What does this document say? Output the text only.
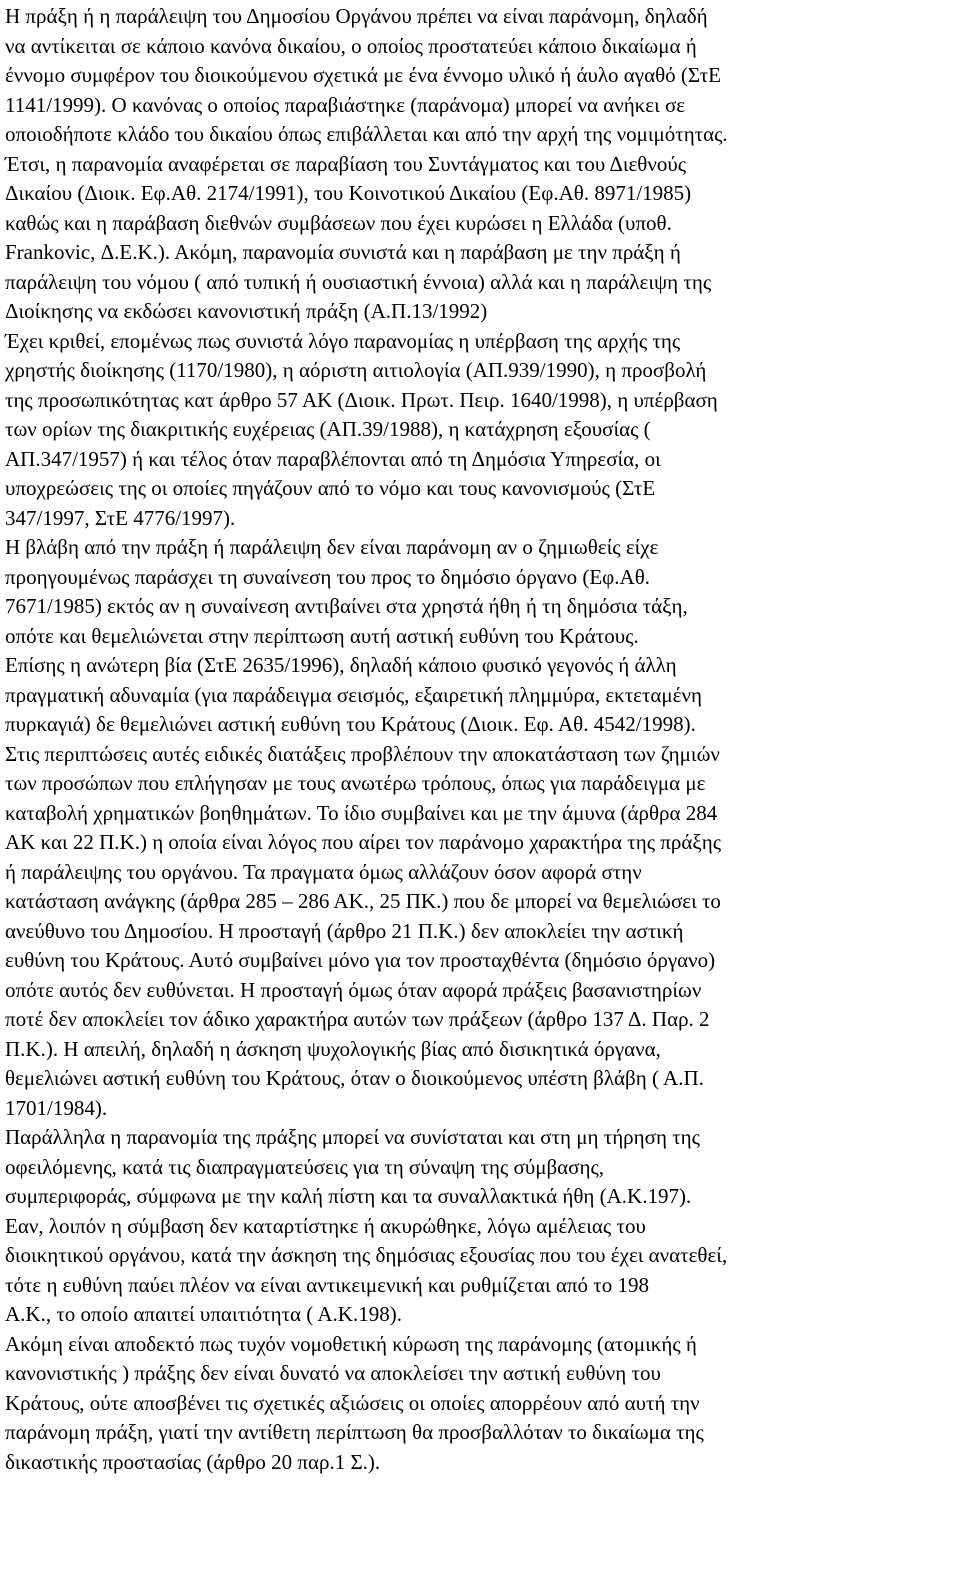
Η πράξη ή η παράλειψη του Δημοσίου Οργάνου πρέπει να είναι παράνομη, δηλαδή
να αντίκειται σε κάποιο κανόνα δικαίου, ο οποίος προστατεύει κάποιο δικαίωμα ή
έννομο συμφέρον του διοικούμενου σχετικά με ένα έννομο υλικό ή άυλο αγαθό (ΣτΕ
1141/1999). Ο κανόνας ο οποίος παραβιάστηκε (παράνομα) μπορεί να ανήκει σε
οποιοδήποτε κλάδο του δικαίου όπως επιβάλλεται και από την αρχή της νομιμότητας.
Έτσι, η παρανομία αναφέρεται σε παραβίαση του Συντάγματος και του Διεθνούς
Δικαίου (Διοικ. Εφ.Αθ. 2174/1991), του Κοινοτικού Δικαίου (Εφ.Αθ. 8971/1985)
καθώς και η παράβαση διεθνών συμβάσεων που έχει κυρώσει η Ελλάδα (υποθ.
Frankovic, Δ.Ε.Κ.). Ακόμη, παρανομία συνιστά και η παράβαση με την πράξη ή
παράλειψη του νόμου ( από τυπική ή ουσιαστική έννοια) αλλά και η παράλειψη της
Διοίκησης να εκδώσει κανονιστική πράξη (Α.Π.13/1992)
Έχει κριθεί, επομένως πως συνιστά λόγο παρανομίας η υπέρβαση της αρχής της
χρηστής διοίκησης (1170/1980), η αόριστη αιτιολογία (ΑΠ.939/1990), η προσβολή
της προσωπικότητας κατ άρθρο 57 ΑΚ (Διοικ. Πρωτ. Πειρ. 1640/1998), η υπέρβαση
των ορίων της διακριτικής ευχέρειας (ΑΠ.39/1988), η κατάχρηση εξουσίας (
ΑΠ.347/1957) ή και τέλος όταν παραβλέπονται από τη Δημόσια Υπηρεσία, οι
υποχρεώσεις της οι οποίες πηγάζουν από το νόμο και τους κανονισμούς (ΣτΕ
347/1997, ΣτΕ 4776/1997).
Η βλάβη από την πράξη ή παράλειψη δεν είναι παράνομη αν ο ζημιωθείς είχε
προηγουμένως παράσχει τη συναίνεση του προς το δημόσιο όργανο (Εφ.Αθ.
7671/1985) εκτός αν η συναίνεση αντιβαίνει στα χρηστά ήθη ή τη δημόσια τάξη,
οπότε και θεμελιώνεται στην περίπτωση αυτή αστική ευθύνη του Κράτους.
Επίσης η ανώτερη βία (ΣτΕ 2635/1996), δηλαδή κάποιο φυσικό γεγονός ή άλλη
πραγματική αδυναμία (για παράδειγμα σεισμός, εξαιρετική πλημμύρα, εκτεταμένη
πυρκαγιά) δε θεμελιώνει αστική ευθύνη του Κράτους (Διοικ. Εφ. Αθ. 4542/1998).
Στις περιπτώσεις αυτές ειδικές διατάξεις προβλέπουν την αποκατάσταση των ζημιών
των προσώπων που επλήγησαν με τους ανωτέρω τρόπους, όπως για παράδειγμα με
καταβολή χρηματικών βοηθημάτων. Το ίδιο συμβαίνει και με την άμυνα (άρθρα 284
ΑΚ και 22 Π.Κ.) η οποία είναι λόγος που αίρει τον παράνομο χαρακτήρα της πράξης
ή παράλειψης του οργάνου. Τα πραγματα όμως αλλάζουν όσον αφορά στην
κατάσταση ανάγκης (άρθρα 285 – 286 ΑΚ., 25 ΠΚ.) που δε μπορεί να θεμελιώσει το
ανεύθυνο του Δημοσίου. Η προσταγή (άρθρο 21 Π.Κ.) δεν αποκλείει την αστική
ευθύνη του Κράτους. Αυτό συμβαίνει μόνο για τον προσταχθέντα (δημόσιο όργανο)
οπότε αυτός δεν ευθύνεται. Η προσταγή όμως όταν αφορά πράξεις βασανιστηρίων
ποτέ δεν αποκλείει τον άδικο χαρακτήρα αυτών των πράξεων (άρθρο 137 Δ. Παρ. 2
Π.Κ.). Η απειλή, δηλαδή η άσκηση ψυχολογικής βίας από δισικητικά όργανα,
θεμελιώνει αστική ευθύνη του Κράτους, όταν ο διοικούμενος υπέστη βλάβη ( Α.Π.
1701/1984).
Παράλληλα η παρανομία της πράξης μπορεί να συνίσταται και στη μη τήρηση της
οφειλόμενης, κατά τις διαπραγματεύσεις για τη σύναψη της σύμβασης,
συμπεριφοράς, σύμφωνα με την καλή πίστη και τα συναλλακτικά ήθη (Α.Κ.197).
Εαν, λοιπόν η σύμβαση δεν καταρτίστηκε ή ακυρώθηκε, λόγω αμέλειας του
διοικητικού οργάνου, κατά την άσκηση της δημόσιας εξουσίας που του έχει ανατεθεί,
τότε η ευθύνη παύει πλέον να είναι αντικειμενική και ρυθμίζεται από το 198
Α.Κ., το οποίο απαιτεί υπαιτιότητα ( Α.Κ.198).
Ακόμη είναι αποδεκτό πως τυχόν νομοθετική κύρωση της παράνομης (ατομικής ή
κανονιστικής ) πράξης δεν είναι δυνατό να αποκλείσει την αστική ευθύνη του
Κράτους, ούτε αποσβένει τις σχετικές αξιώσεις οι οποίες απορρέουν από αυτή την
παράνομη πράξη, γιατί την αντίθετη περίπτωση θα προσβαλλόταν το δικαίωμα της
δικαστικής προστασίας (άρθρο 20 παρ.1 Σ.).
